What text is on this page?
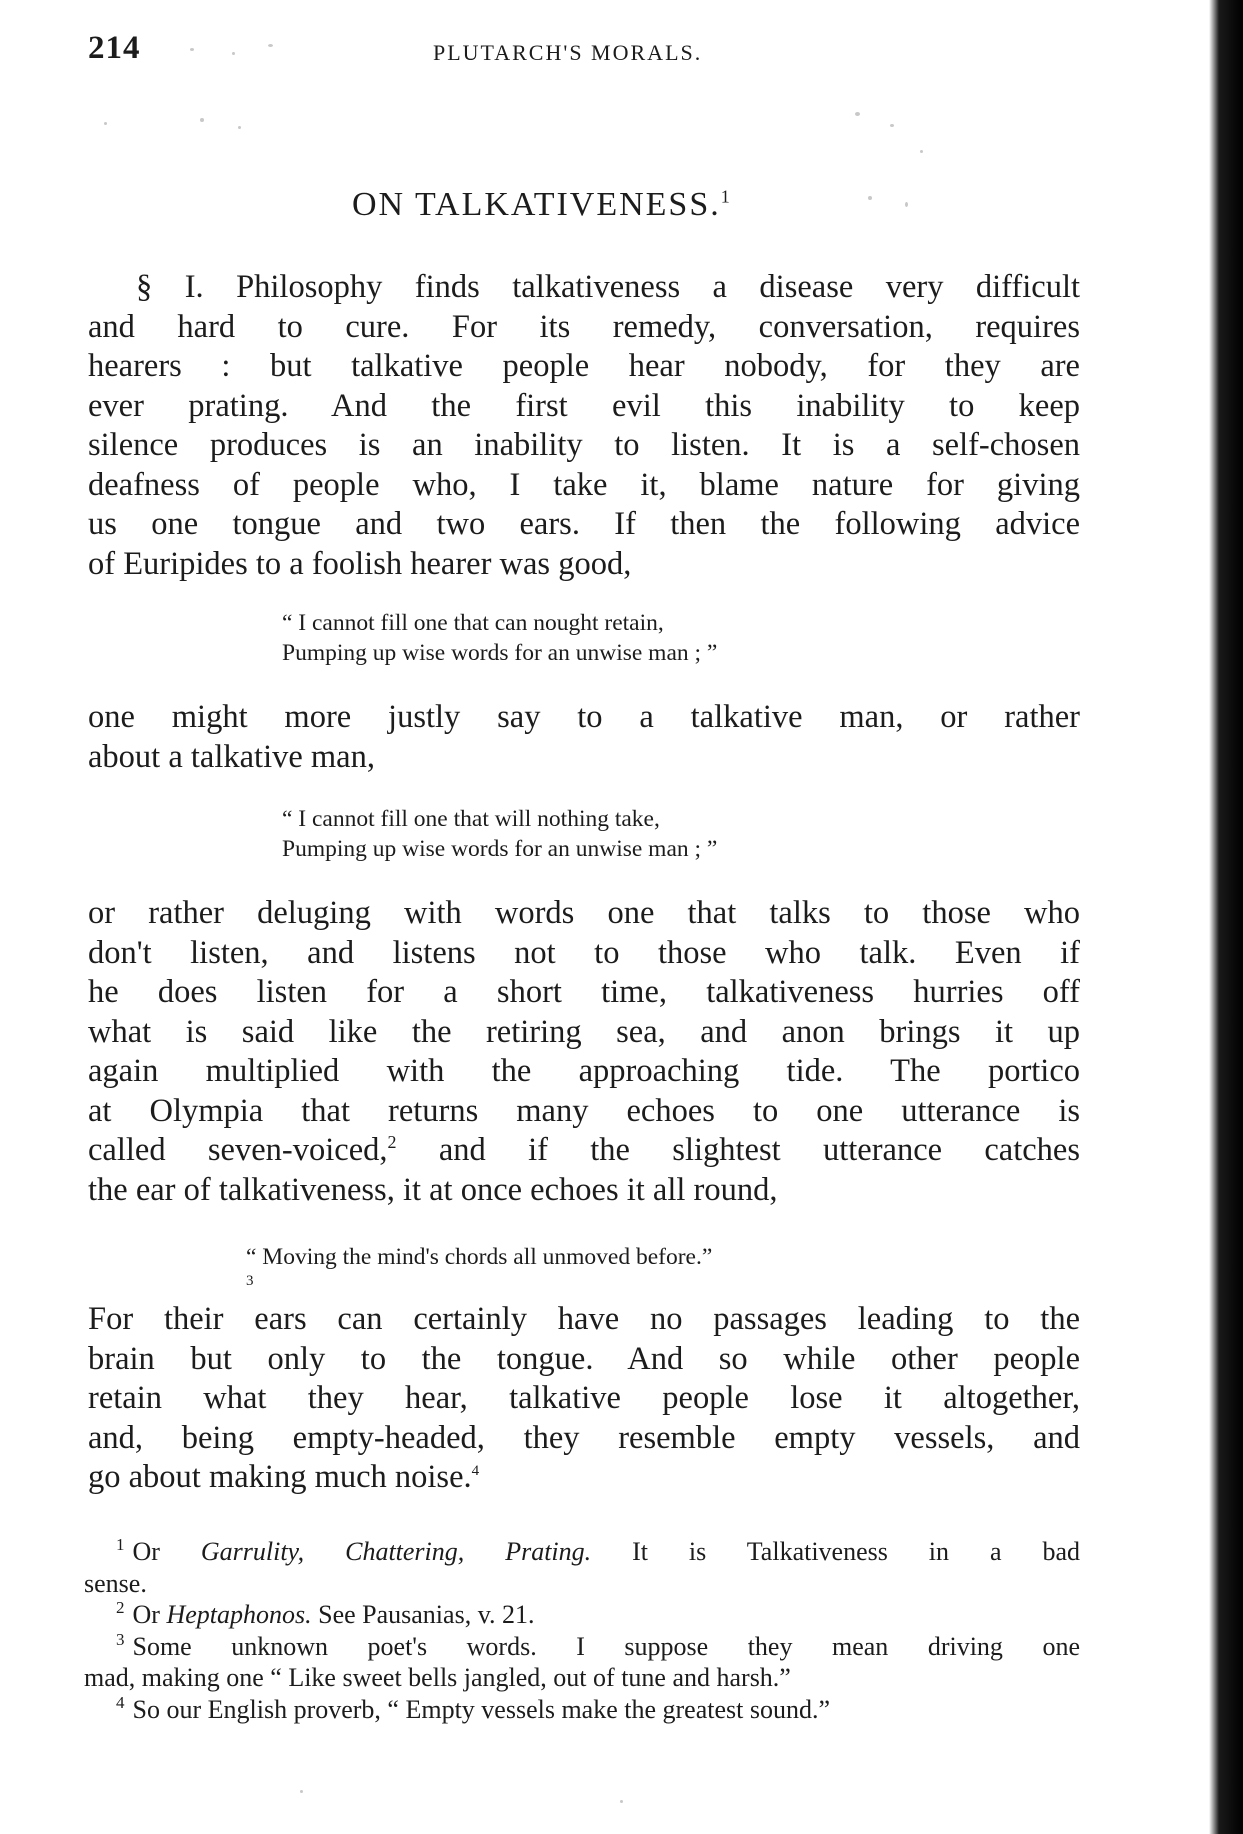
214	PLUTARCH'S MORALS.
ON TALKATIVENESS.$^1$
§ I. Philosophy finds talkativeness a disease very difficult
and hard to cure. For its remedy, conversation, requires
hearers : but talkative people hear nobody, for they are
ever prating. And the first evil this inability to keep
silence produces is an inability to listen. It is a self-chosen
deafness of people who, I take it, blame nature for giving
us one tongue and two ears. If then the following advice
of Euripides to a foolish hearer was good,
“ I cannot fill one that can nought retain,
Pumping up wise words for an unwise man ; ”
one might more justly say to a talkative man, or rather
about a talkative man,
“ I cannot fill one that will nothing take,
Pumping up wise words for an unwise man ; ”
or rather deluging with words one that talks to those who
don't listen, and listens not to those who talk. Even if
he does listen for a short time, talkativeness hurries off
what is said like the retiring sea, and anon brings it up
again multiplied with the approaching tide. The portico
at Olympia that returns many echoes to one utterance is
called seven-voiced,$^2$ and if the slightest utterance catches
the ear of talkativeness, it at once echoes it all round,
“ Moving the mind's chords all unmoved before.”
$^3$
For their ears can certainly have no passages leading to the
brain but only to the tongue. And so while other people
retain what they hear, talkative people lose it altogether,
and, being empty-headed, they resemble empty vessels, and
go about making much noise.$^4$
$^1$ Or Garrulity, Chattering, Prating. It is Talkativeness in a bad
sense.
$^2$ Or Heptaphonos. See Pausanias, v. 21.
$^3$ Some unknown poet's words. I suppose they mean driving one
mad, making one “ Like sweet bells jangled, out of tune and harsh.”
$^4$ So our English proverb, “ Empty vessels make the greatest sound.”
